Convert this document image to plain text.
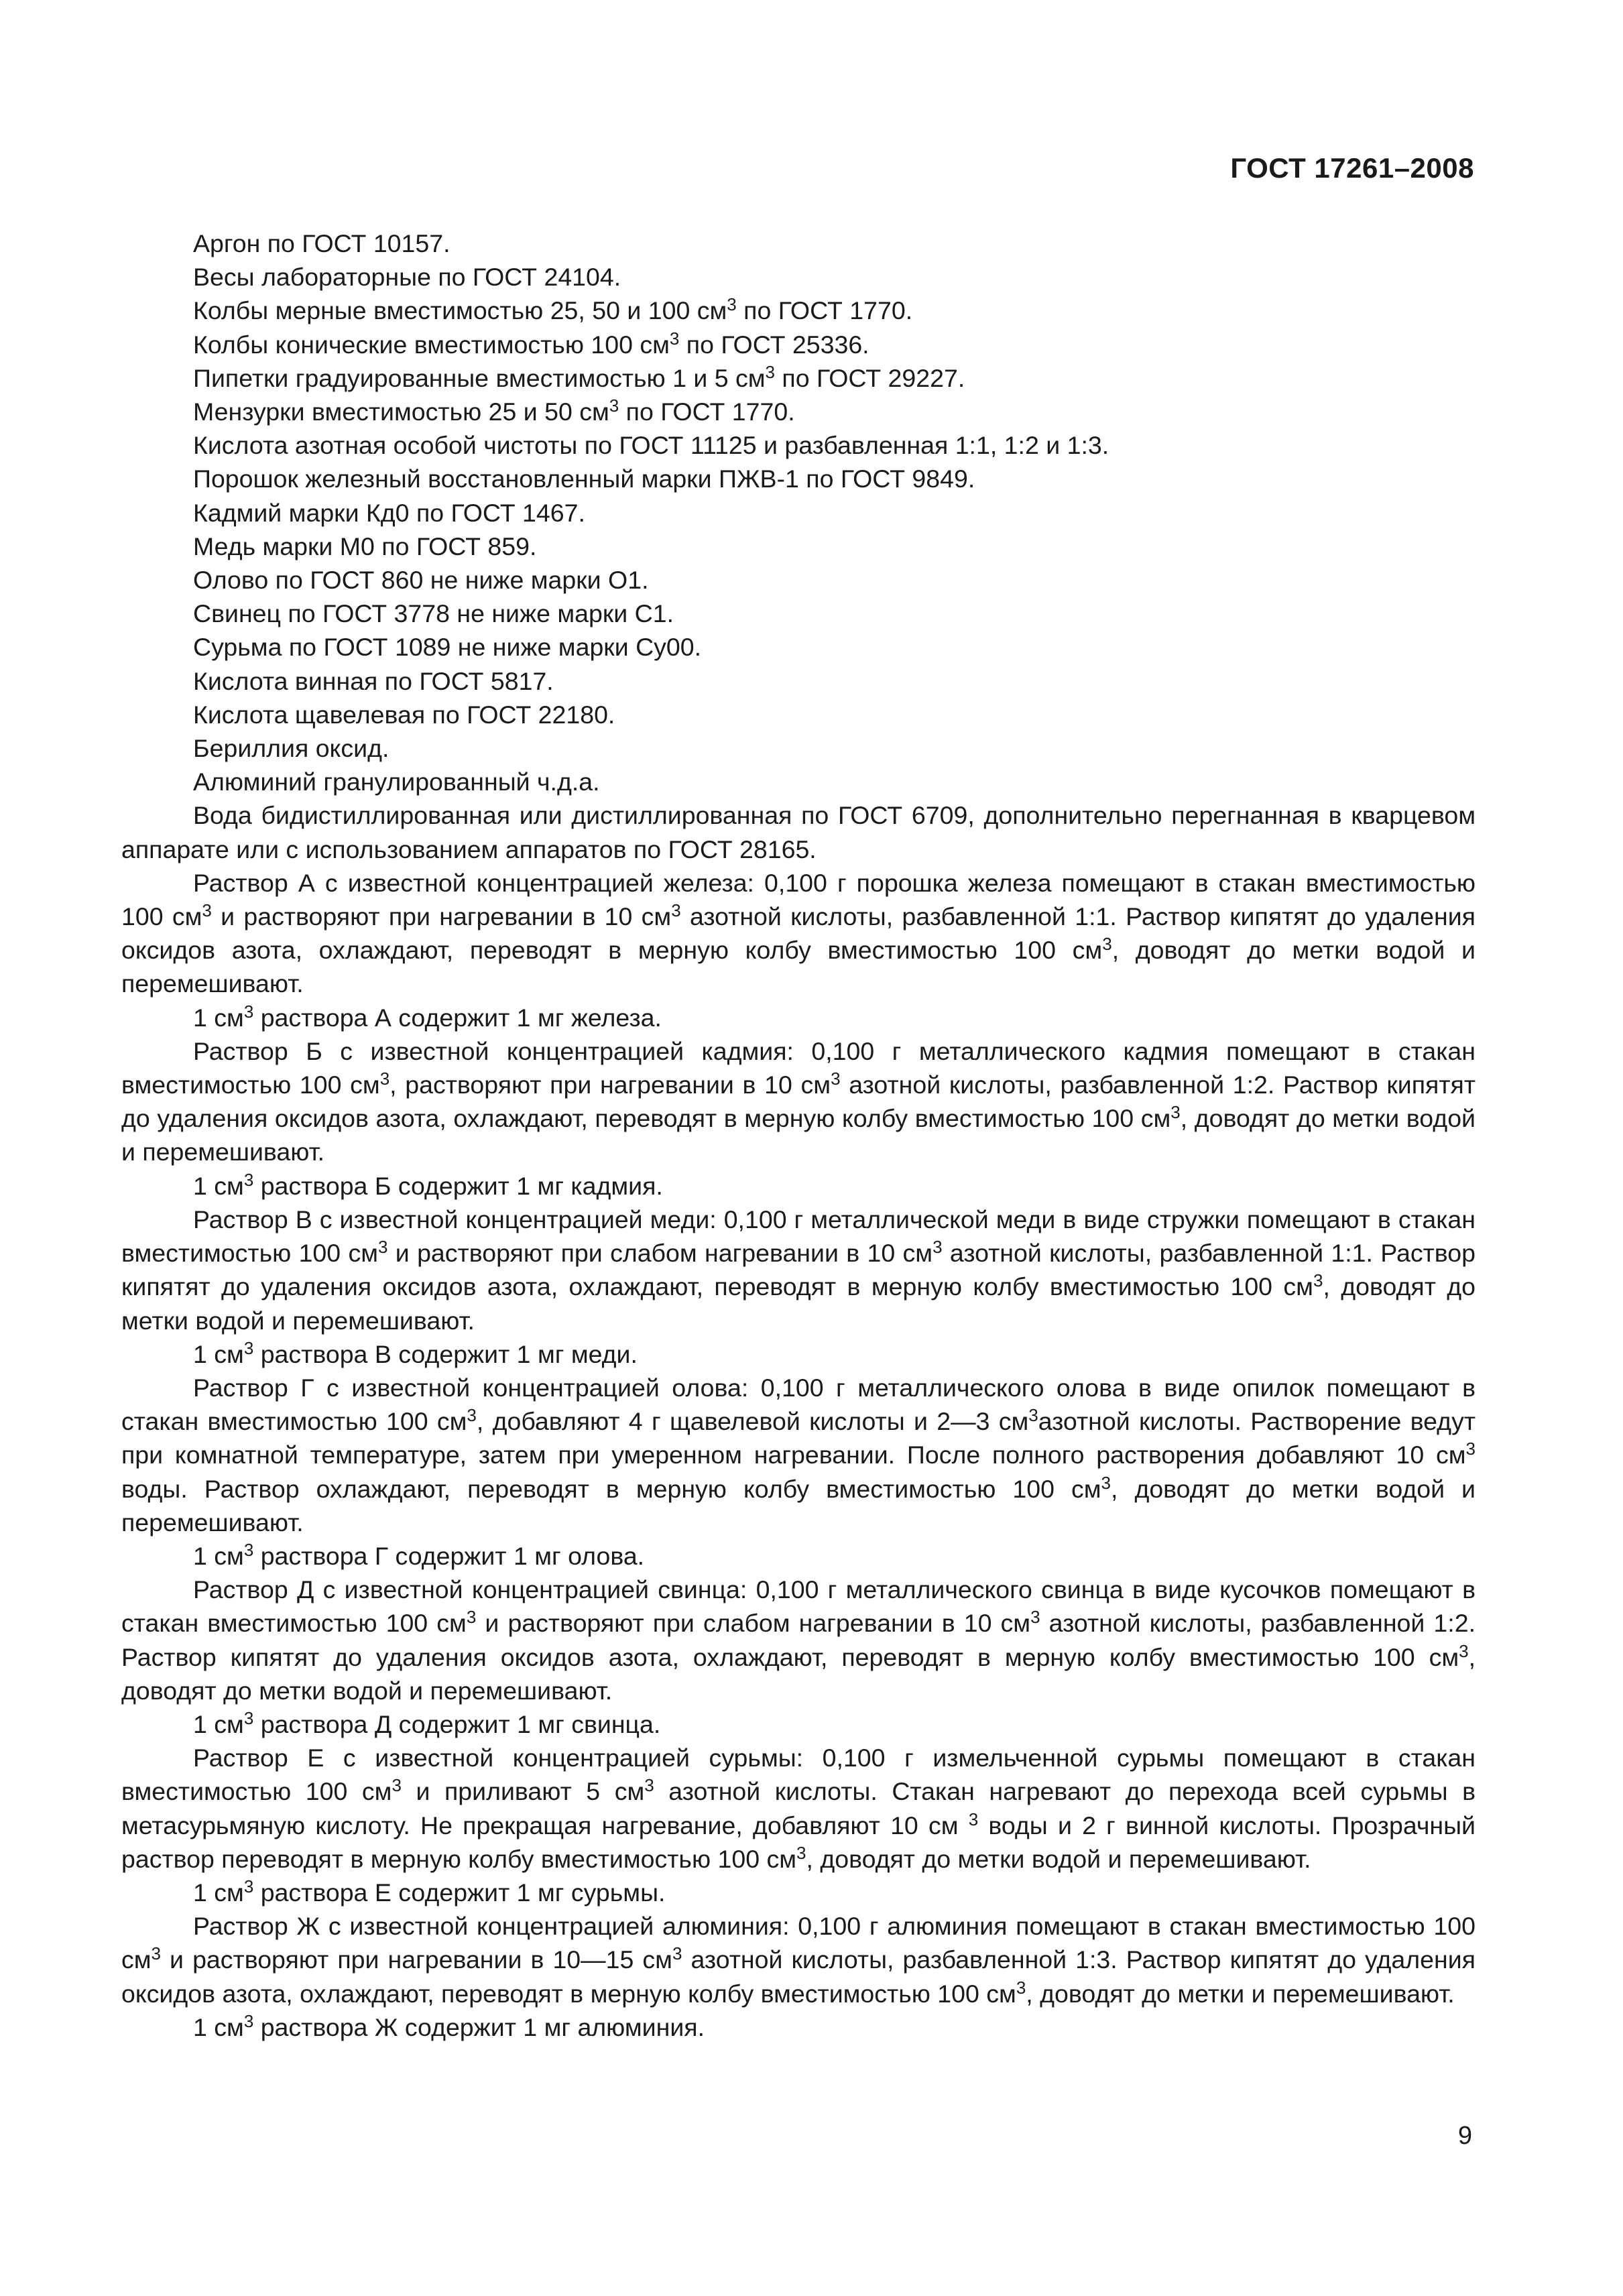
ГОСТ 17261–2008
Аргон по ГОСТ 10157.
Весы лабораторные по ГОСТ 24104.
Колбы мерные вместимостью 25, 50 и 100 $см^3$ по ГОСТ 1770.
Колбы конические вместимостью 100 $см^3$ по ГОСТ 25336.
Пипетки градуированные вместимостью 1 и 5 $см^3$ по ГОСТ 29227.
Мензурки вместимостью 25 и 50 $см^3$ по ГОСТ 1770.
Кислота азотная особой чистоты по ГОСТ 11125 и разбавленная 1:1, 1:2 и 1:3.
Порошок железный восстановленный марки ПЖВ-1 по ГОСТ 9849.
Кадмий марки Кд0 по ГОСТ 1467.
Медь марки М0 по ГОСТ 859.
Олово по ГОСТ 860 не ниже марки О1.
Свинец по ГОСТ 3778 не ниже марки С1.
Сурьма по ГОСТ 1089 не ниже марки Су00.
Кислота винная по ГОСТ 5817.
Кислота щавелевая по ГОСТ 22180.
Бериллия оксид.
Алюминий гранулированный ч.д.а.
Вода бидистиллированная или дистиллированная по ГОСТ 6709, дополнительно перегнанная в кварцевом аппарате или с использованием аппаратов по ГОСТ 28165.
Раствор А с известной концентрацией железа: 0,100 г порошка железа помещают в стакан вместимостью 100 $см^3$ и растворяют при нагревании в 10 $см^3$ азотной кислоты, разбавленной 1:1. Раствор кипятят до удаления оксидов азота, охлаждают, переводят в мерную колбу вместимостью 100 $см^3$, доводят до метки водой и перемешивают.
1 $см^3$ раствора А содержит 1 мг железа.
Раствор Б с известной концентрацией кадмия: 0,100 г металлического кадмия помещают в стакан вместимостью 100 $см^3$, растворяют при нагревании в 10 $см^3$ азотной кислоты, разбавленной 1:2. Раствор кипятят до удаления оксидов азота, охлаждают, переводят в мерную колбу вместимостью 100 $см^3$, доводят до метки водой и перемешивают.
1 $см^3$ раствора Б содержит 1 мг кадмия.
Раствор В с известной концентрацией меди: 0,100 г металлической меди в виде стружки помещают в стакан вместимостью 100 $см^3$ и растворяют при слабом нагревании в 10 $см^3$ азотной кислоты, разбавленной 1:1. Раствор кипятят до удаления оксидов азота, охлаждают, переводят в мерную колбу вместимостью 100 $см^3$, доводят до метки водой и перемешивают.
1 $см^3$ раствора В содержит 1 мг меди.
Раствор Г с известной концентрацией олова: 0,100 г металлического олова в виде опилок помещают в стакан вместимостью 100 $см^3$, добавляют 4 г щавелевой кислоты и 2—3 $см^3азотной$ кислоты. Растворение ведут при комнатной температуре, затем при умеренном нагревании. После полного растворения добавляют 10 $см^3$ воды. Раствор охлаждают, переводят в мерную колбу вместимостью 100 $см^3$, доводят до метки водой и перемешивают.
1 $см^3$ раствора Г содержит 1 мг олова.
Раствор Д с известной концентрацией свинца: 0,100 г металлического свинца в виде кусочков помещают в стакан вместимостью 100 $см^3$ и растворяют при слабом нагревании в 10 $см^3$ азотной кислоты, разбавленной 1:2. Раствор кипятят до удаления оксидов азота, охлаждают, переводят в мерную колбу вместимостью 100 $см^3$, доводят до метки водой и перемешивают.
1 $см^3$ раствора Д содержит 1 мг свинца.
Раствор Е с известной концентрацией сурьмы: 0,100 г измельченной сурьмы помещают в стакан вместимостью 100 $см^3$ и приливают 5 $см^3$ азотной кислоты. Стакан нагревают до перехода всей сурьмы в метасурьмяную кислоту. Не прекращая нагревание, добавляют 10 см $^3$ воды и 2 г винной кислоты. Прозрачный раствор переводят в мерную колбу вместимостью 100 $см^3$, доводят до метки водой и перемешивают.
1 $см^3$ раствора Е содержит 1 мг сурьмы.
Раствор Ж с известной концентрацией алюминия: 0,100 г алюминия помещают в стакан вместимостью 100 $см^3$ и растворяют при нагревании в 10—15 $см^3$ азотной кислоты, разбавленной 1:3. Раствор кипятят до удаления оксидов азота, охлаждают, переводят в мерную колбу вместимостью 100 $см^3$, доводят до метки и перемешивают.
1 $см^3$ раствора Ж содержит 1 мг алюминия.
9
